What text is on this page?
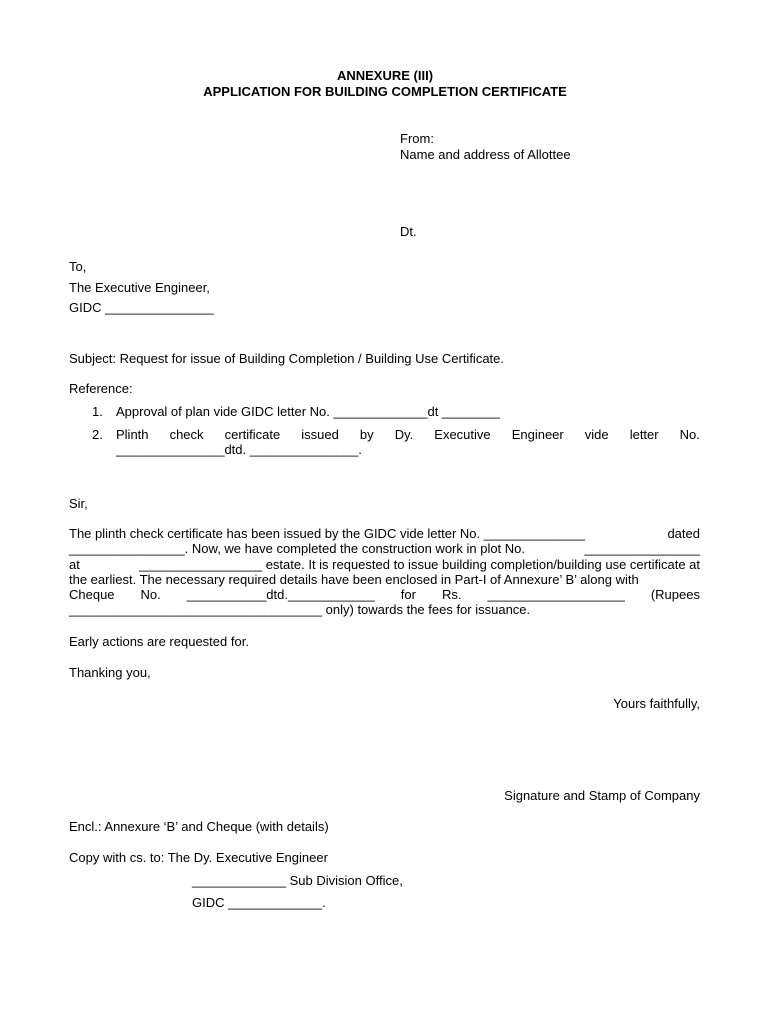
ANNEXURE (III)
APPLICATION FOR BUILDING COMPLETION CERTIFICATE
From:
Name and address of Allottee
Dt.
To,
The Executive Engineer,
GIDC _______________
Subject: Request for issue of Building Completion / Building Use Certificate.
Reference:
1. Approval of plan vide GIDC letter No. _____________dt ________
2. Plinth check certificate issued by Dy. Executive Engineer vide letter No.
_______________dtd. _______________.
Sir,
The plinth check certificate has been issued by the GIDC vide letter No. ______________	dated
________________. Now, we have completed the construction work in plot No.	________________
at	_________________ estate. It is requested to issue building completion/building use certificate at
the earliest. The necessary required details have been enclosed in Part-I of Annexure’ B’ along with
Cheque No. ___________dtd.____________ for Rs. ___________________ (Rupees
___________________________________ only) towards the fees for issuance.
Early actions are requested for.
Thanking you,
Yours faithfully,
Signature and Stamp of Company
Encl.: Annexure ‘B’ and Cheque (with details)
Copy with cs. to: The Dy. Executive Engineer
_____________ Sub Division Office,
GIDC _____________.
